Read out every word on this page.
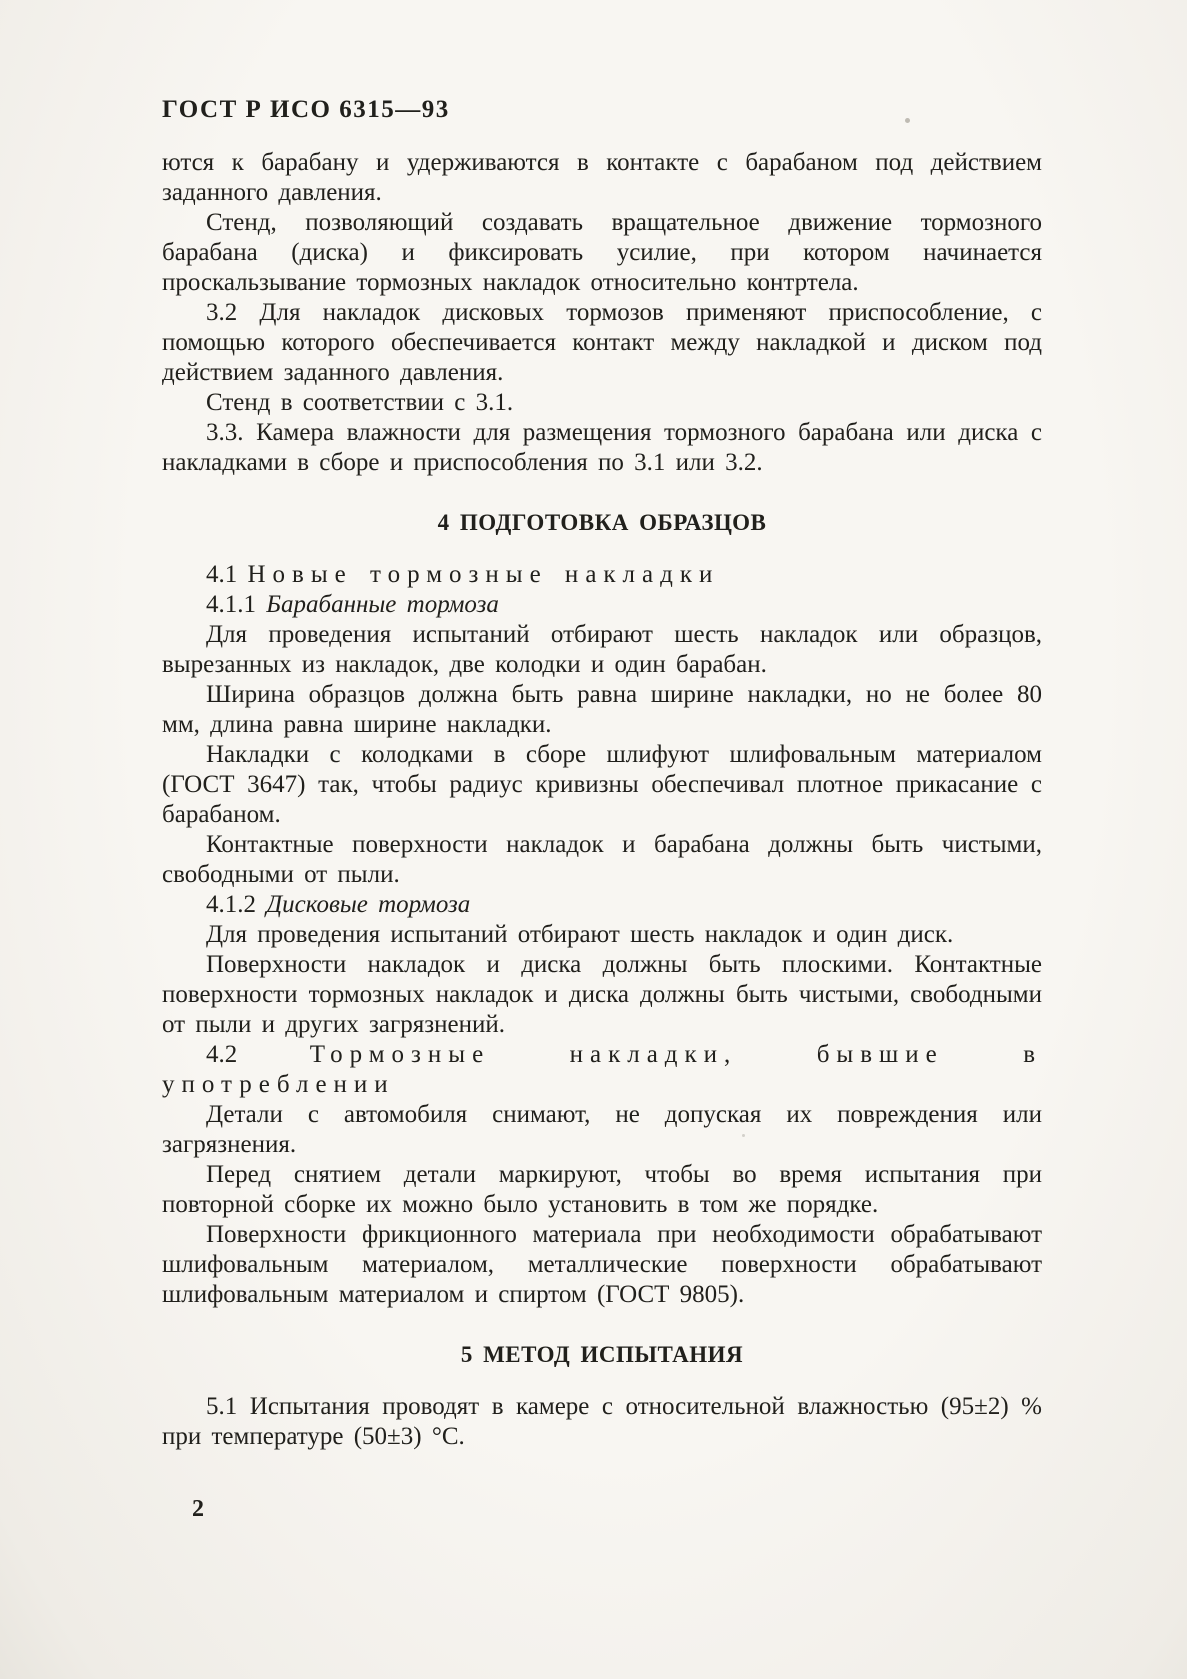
ГОСТ Р ИСО 6315—93

ются к барабану и удерживаются в контакте с барабаном под действием заданного давления.

Стенд, позволяющий создавать вращательное движение тормозного барабана (диска) и фиксировать усилие, при котором начинается проскальзывание тормозных накладок относительно контртела.

3.2 Для накладок дисковых тормозов применяют приспособление, с помощью которого обеспечивается контакт между накладкой и диском под действием заданного давления.

Стенд в соответствии с 3.1.

3.3. Камера влажности для размещения тормозного барабана или диска с накладками в сборе и приспособления по 3.1 или 3.2.

4 ПОДГОТОВКА ОБРАЗЦОВ

4.1 Новые тормозные накладки

4.1.1 Барабанные тормоза

Для проведения испытаний отбирают шесть накладок или образцов, вырезанных из накладок, две колодки и один барабан.

Ширина образцов должна быть равна ширине накладки, но не более 80 мм, длина равна ширине накладки.

Накладки с колодками в сборе шлифуют шлифовальным материалом (ГОСТ 3647) так, чтобы радиус кривизны обеспечивал плотное прикасание с барабаном.

Контактные поверхности накладок и барабана должны быть чистыми, свободными от пыли.

4.1.2 Дисковые тормоза

Для проведения испытаний отбирают шесть накладок и один диск.

Поверхности накладок и диска должны быть плоскими. Контактные поверхности тормозных накладок и диска должны быть чистыми, свободными от пыли и других загрязнений.

4.2	Тормозные накладки, бывшие в употреблении

Детали с автомобиля снимают, не допуская их повреждения или загрязнения.

Перед снятием детали маркируют, чтобы во время испытания при повторной сборке их можно было установить в том же порядке.

Поверхности фрикционного материала при необходимости обрабатывают шлифовальным материалом, металлические поверхности обрабатывают шлифовальным материалом и спиртом (ГОСТ 9805).

5 МЕТОД ИСПЫТАНИЯ

5.1 Испытания проводят в камере с относительной влажностью (95±2) % при температуре (50±3) °С.

2
